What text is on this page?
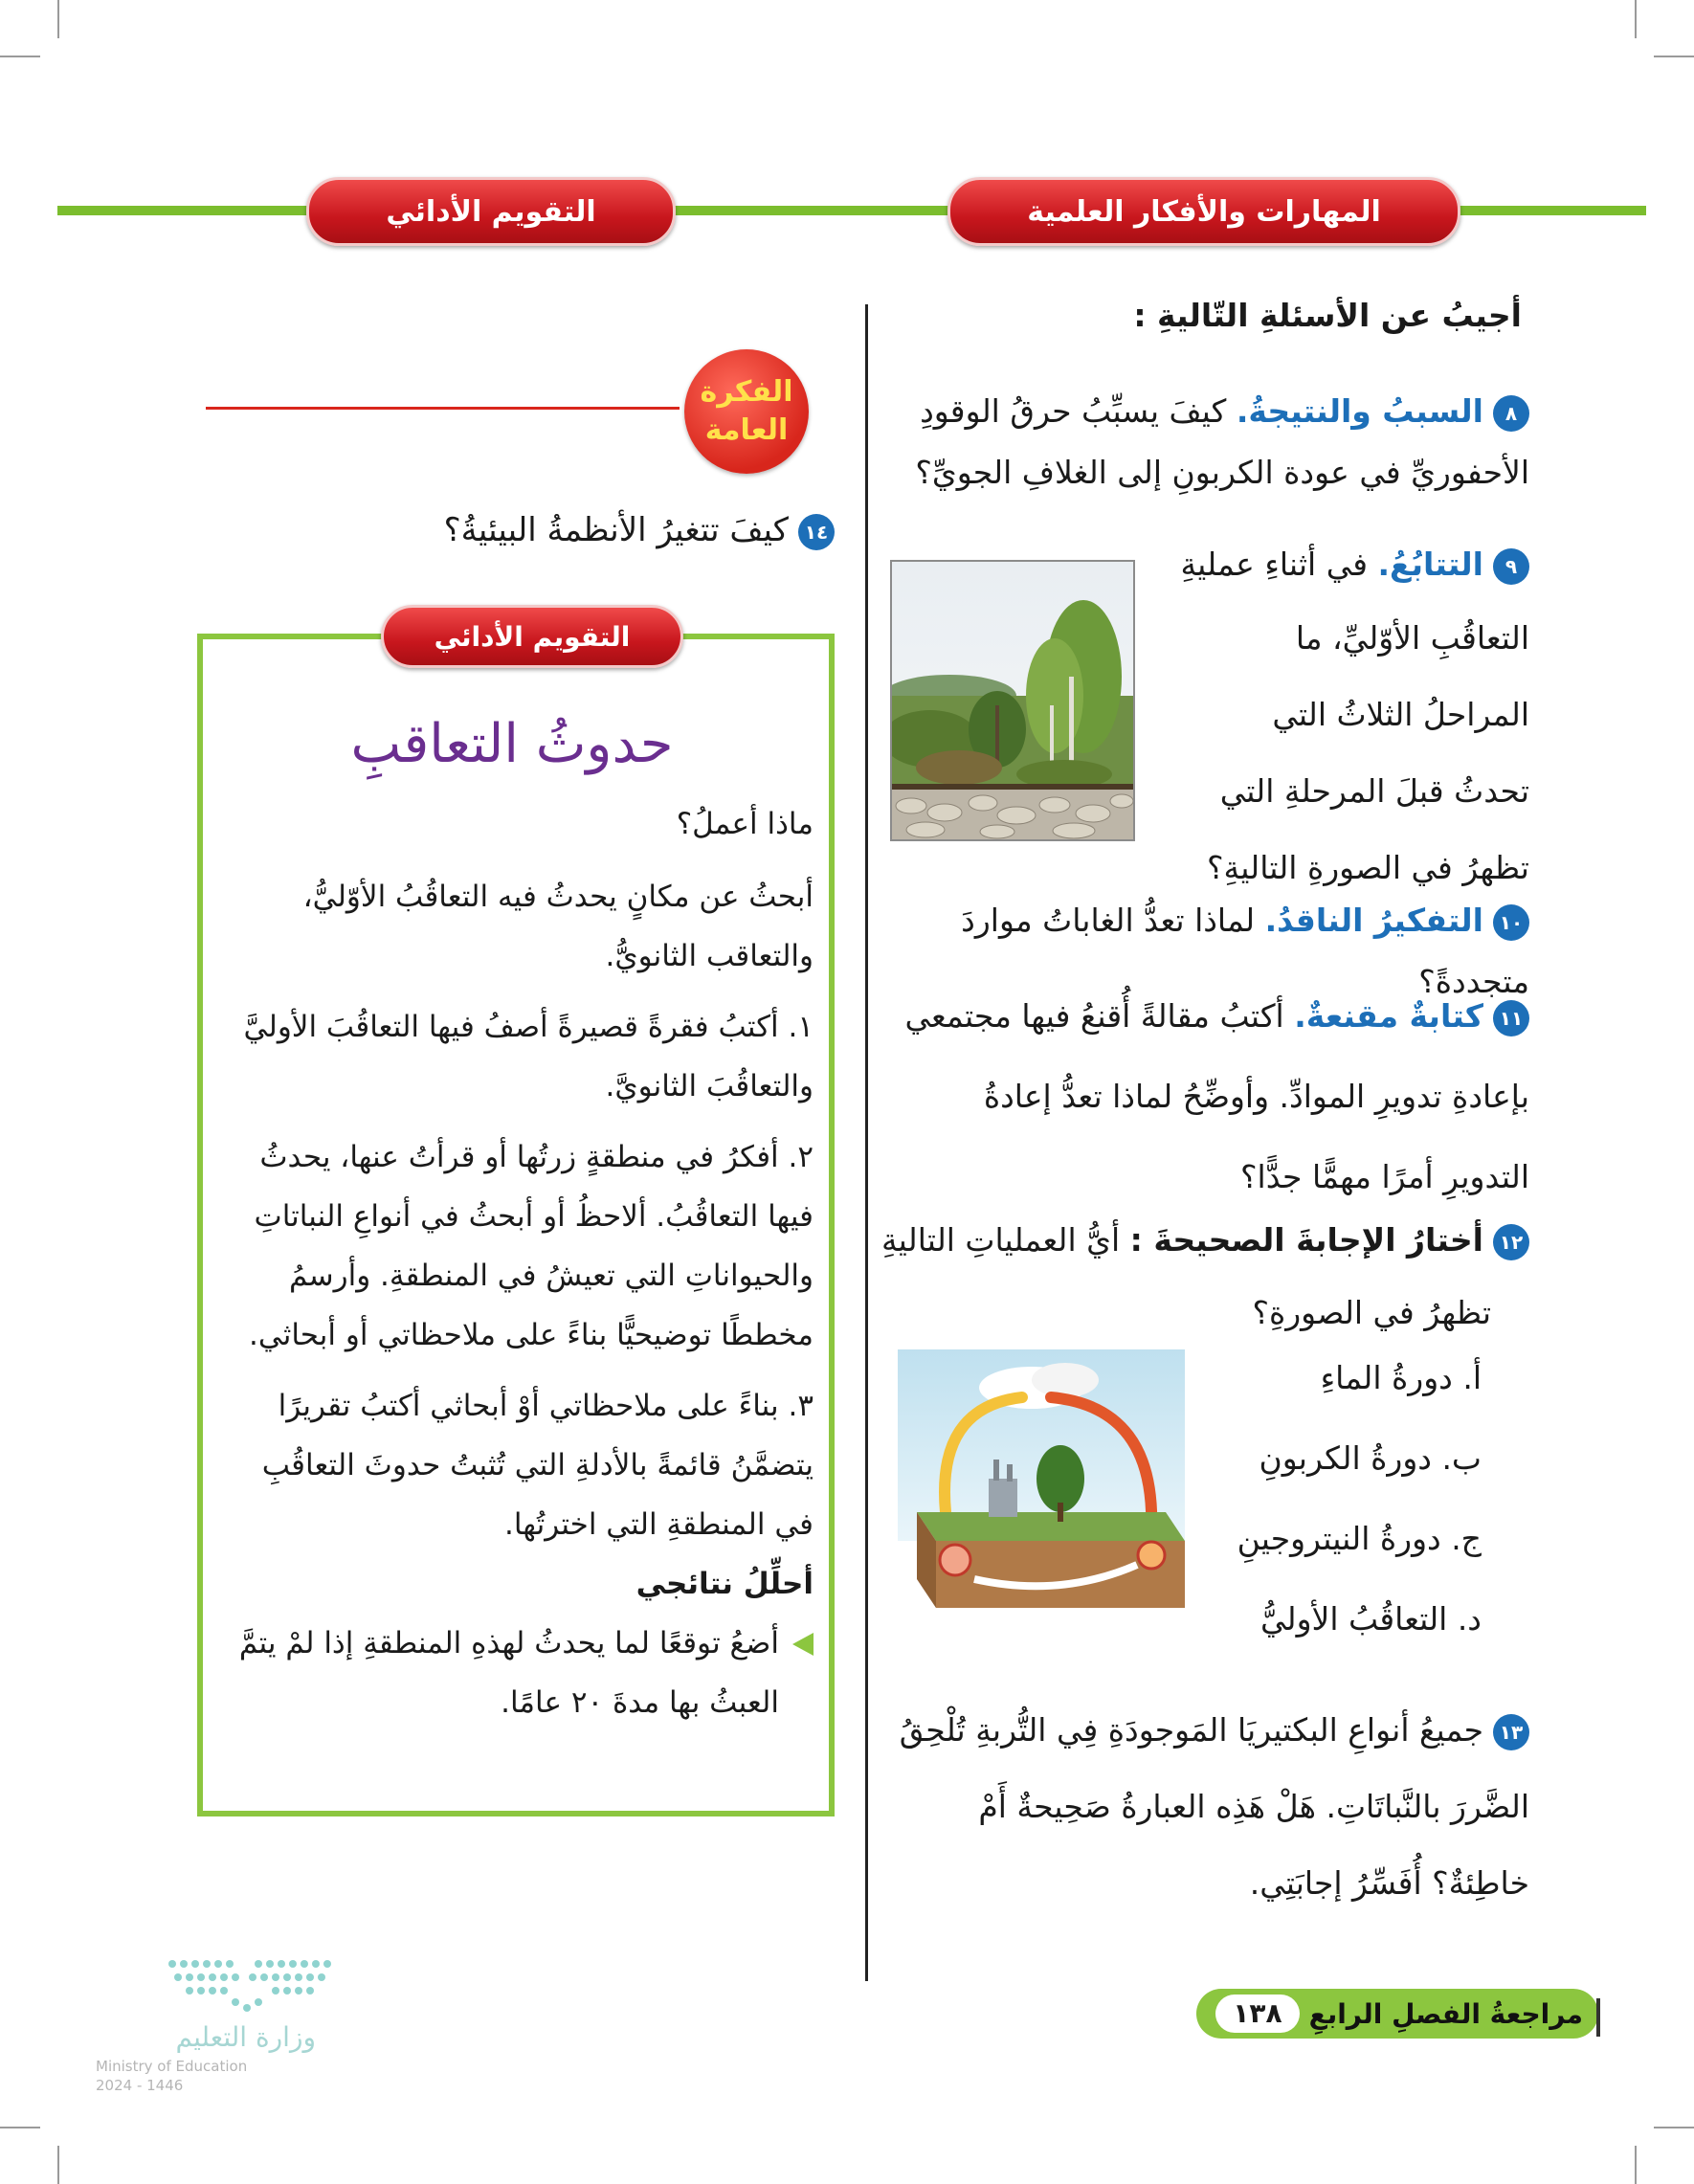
المهارات والأفكار العلمية
التقويم الأدائي
أجيبُ عن الأسئلةِ التّاليةِ :
٨السببُ والنتيجةُ. كيفَ يسبِّبُ حرقُ الوقودِ
الأحفوريِّ في عودة الكربونِ إلى الغلافِ الجويِّ؟
٩التتابُعُ. في أثناءِ عمليةِ
التعاقُبِ الأوّليِّ، ما
المراحلُ الثلاثُ التي
تحدثُ قبلَ المرحلةِ التي
تظهرُ في الصورةِ التاليةِ؟
١٠التفكيرُ الناقدُ. لماذا تعدُّ الغاباتُ مواردَ متجددةً؟
١١كتابةٌ مقنعةٌ. أكتبُ مقالةً أُقنعُ فيها مجتمعي
بإعادةِ تدويرِ الموادِّ. وأوضِّحُ لماذا تعدُّ إعادةُ
التدويرِ أمرًا مهمًّا جدًّا؟
١٢أختارُ الإجابةَ الصحيحةَ : أيُّ العملياتِ التاليةِ
تظهرُ في الصورةِ؟
أ. دورةُ الماءِ
ب. دورةُ الكربونِ
ج. دورةُ النيتروجينِ
د. التعاقُبُ الأوليُّ
١٣جميعُ أنواعِ البكتيريَا المَوجودَةِ فِي التُّربةِ تُلْحِقُ
الضَّررَ بالنَّباتَاتِ. هَلْ هَذِه العبارةُ صَحِيحةٌ أَمْ
خاطِئةٌ؟ أُفَسِّرُ إجابَتِي.
الفكرة
العامة
١٤كيفَ تتغيرُ الأنظمةُ البيئيةُ؟
التقويم الأدائي
حدوثُ التعاقبِ
ماذا أعملُ؟
أبحثُ عن مكانٍ يحدثُ فيه التعاقُبُ الأوّليُّ،
والتعاقب الثانويُّ.
١. أكتبُ فقرةً قصيرةً أصفُ فيها التعاقُبَ الأوليَّ
والتعاقُبَ الثانويَّ.
٢. أفكرُ في منطقةٍ زرتُها أو قرأتُ عنها، يحدثُ
فيها التعاقُبُ. ألاحظُ أو أبحثُ في أنواعِ النباتاتِ
والحيواناتِ التي تعيشُ في المنطقةِ. وأرسمُ
مخططًا توضيحيًّا بناءً على ملاحظاتي أو أبحاثي.
٣. بناءً على ملاحظاتي أوْ أبحاثي أكتبُ تقريرًا
يتضمَّنُ قائمةً بالأدلةِ التي تُثبتُ حدوثَ التعاقُبِ
في المنطقةِ التي اخترتُها.
أحلِّلُ نتائجي
أضعُ توقعًا لما يحدثُ لهذهِ المنطقةِ إذا لمْ يتمَّ
العبثُ بها مدةَ ٢٠ عامًا.
مراجعةُ الفصلِ الرابعِ
١٣٨
وزارة التعليم
Ministry of Education
2024 - 1446
